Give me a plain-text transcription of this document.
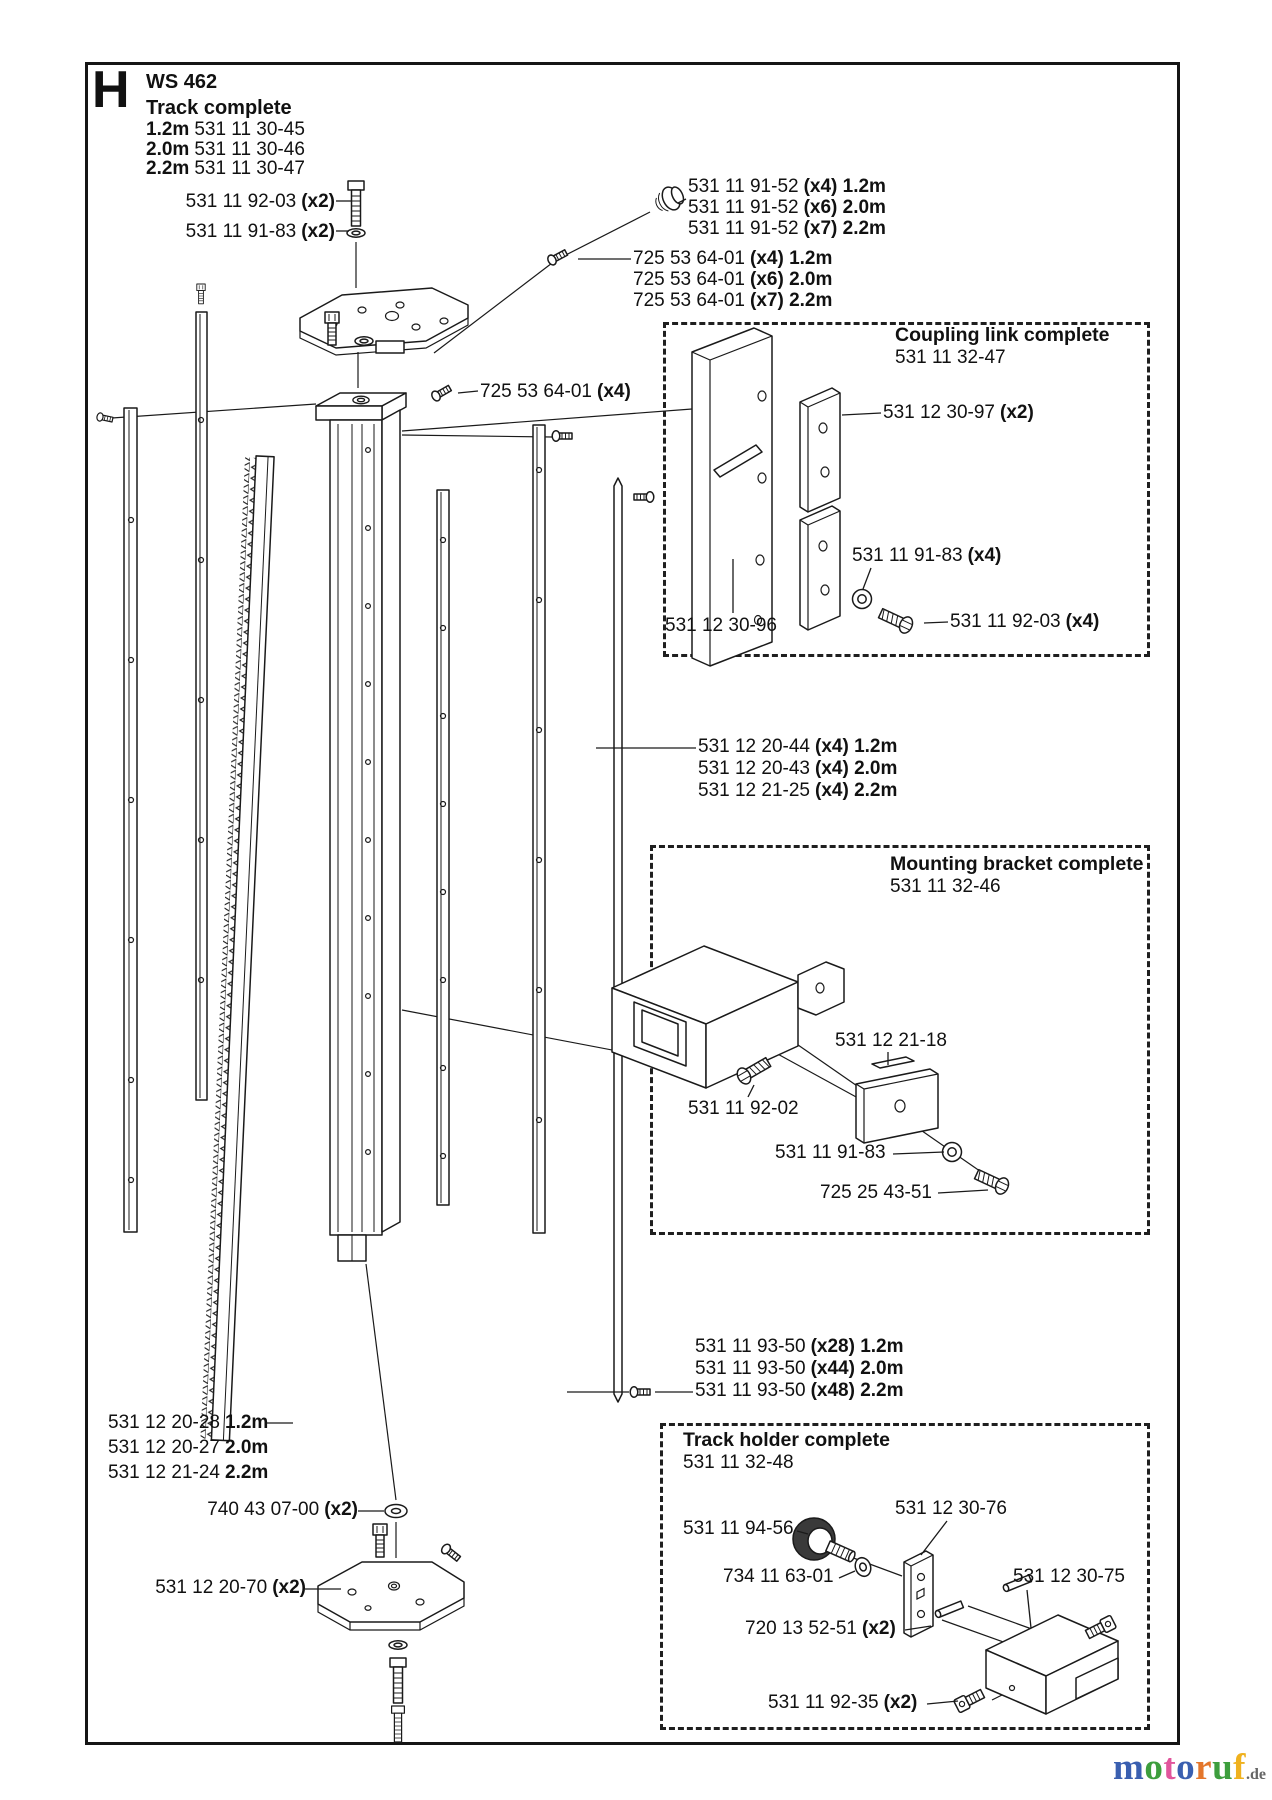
H WS 462
Track complete
1.2m 531 11 30-45
2.0m 531 11 30-46
2.2m 531 11 30-47
531 11 92-03 (x2)
531 11 91-83 (x2)
531 11 91-52 (x4) 1.2m
531 11 91-52 (x6) 2.0m
531 11 91-52 (x7) 2.2m
725 53 64-01 (x4) 1.2m
725 53 64-01 (x6) 2.0m
725 53 64-01 (x7) 2.2m
725 53 64-01 (x4)
Coupling link complete
531 11 32-47
531 12 30-97 (x2)
531 11 91-83 (x4)
531 12 30-96	531 11 92-03 (x4)
531 12 20-44 (x4) 1.2m
531 12 20-43 (x4) 2.0m
531 12 21-25 (x4) 2.2m
Mounting bracket complete
531 11 32-46
531 12 21-18
531 11 92-02
531 11 91-83
725 25 43-51
531 11 93-50 (x28) 1.2m
531 11 93-50 (x44) 2.0m
531 11 93-50 (x48) 2.2m
Track holder complete
531 11 32-48
531 12 30-76
531 11 94-56
734 11 63-01
720 13 52-51 (x2)
531 12 30-75
531 11 92-35 (x2)
531 12 20-28 1.2m
531 12 20-27 2.0m
531 12 21-24 2.2m
740 43 07-00 (x2)
531 12 20-70 (x2)
motoruf.de
